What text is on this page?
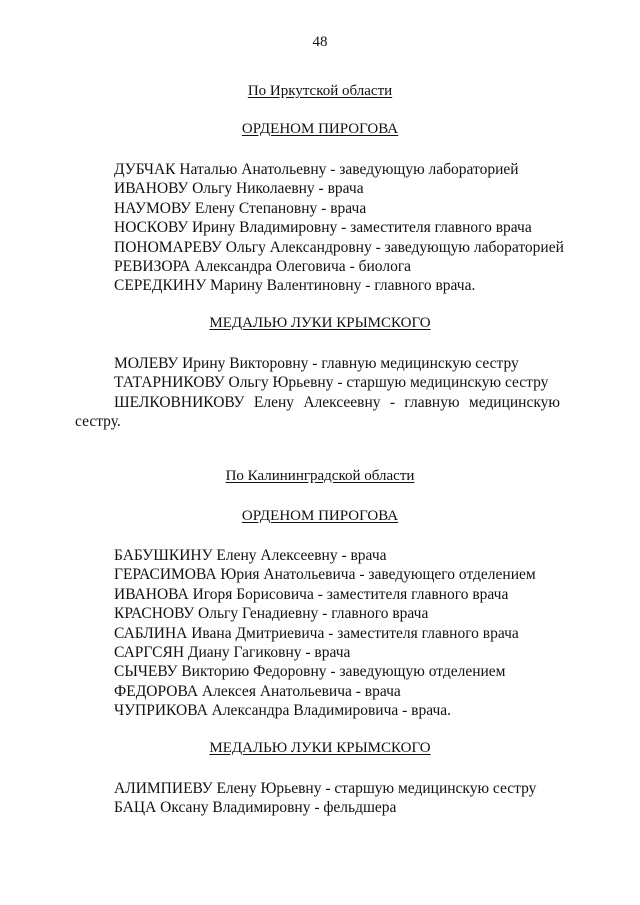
48
По Иркутской области
ОРДЕНОМ ПИРОГОВА
ДУБЧАК Наталью Анатольевну - заведующую лабораторией
ИВАНОВУ Ольгу Николаевну - врача
НАУМОВУ Елену Степановну - врача
НОСКОВУ Ирину Владимировну - заместителя главного врача
ПОНОМАРЕВУ Ольгу Александровну - заведующую лабораторией
РЕВИЗОРА Александра Олеговича - биолога
СЕРЕДКИНУ Марину Валентиновну - главного врача.
МЕДАЛЬЮ ЛУКИ КРЫМСКОГО
МОЛЕВУ Ирину Викторовну - главную медицинскую сестру
ТАТАРНИКОВУ Ольгу Юрьевну - старшую медицинскую сестру
ШЕЛКОВНИКОВУ Елену Алексеевну - главную медицинскую
сестру.
По Калининградской области
ОРДЕНОМ ПИРОГОВА
БАБУШКИНУ Елену Алексеевну - врача
ГЕРАСИМОВА Юрия Анатольевича - заведующего отделением
ИВАНОВА Игоря Борисовича - заместителя главного врача
КРАСНОВУ Ольгу Генадиевну - главного врача
САБЛИНА Ивана Дмитриевича - заместителя главного врача
САРГСЯН Диану Гагиковну - врача
СЫЧЕВУ Викторию Федоровну - заведующую отделением
ФЕДОРОВА Алексея Анатольевича - врача
ЧУПРИКОВА Александра Владимировича - врача.
МЕДАЛЬЮ ЛУКИ КРЫМСКОГО
АЛИМПИЕВУ Елену Юрьевну - старшую медицинскую сестру
БАЦА Оксану Владимировну - фельдшера
